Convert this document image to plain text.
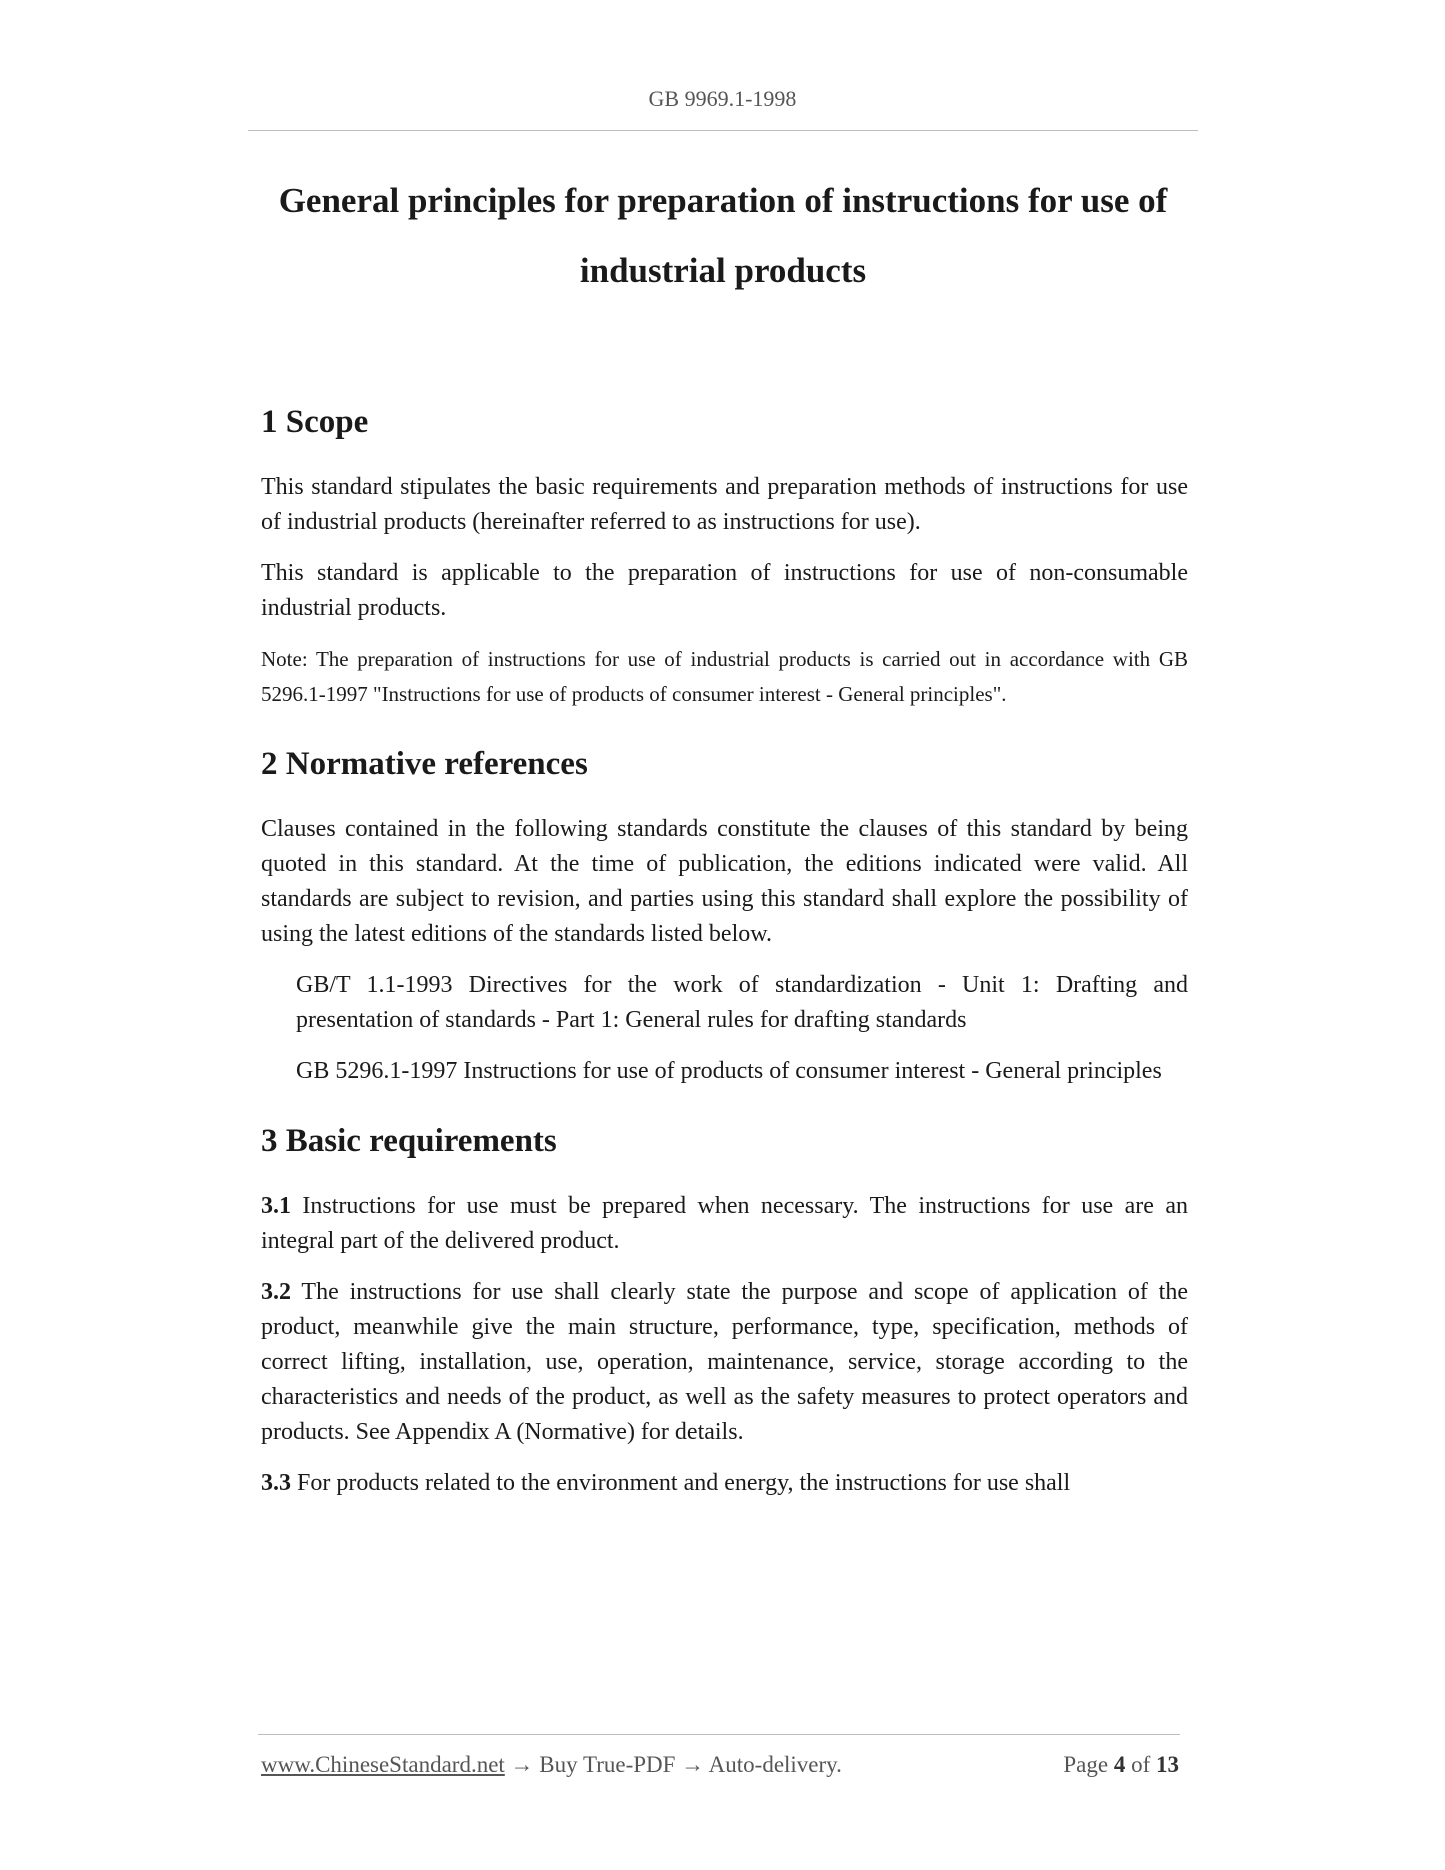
GB 9969.1-1998
General principles for preparation of instructions for use of
industrial products
1 Scope

This standard stipulates the basic requirements and preparation methods of instructions for use of industrial products (hereinafter referred to as instructions for use).

This standard is applicable to the preparation of instructions for use of non-consumable industrial products.

Note: The preparation of instructions for use of industrial products is carried out in accordance with GB 5296.1-1997 "Instructions for use of products of consumer interest - General principles".

2 Normative references

Clauses contained in the following standards constitute the clauses of this standard by being quoted in this standard. At the time of publication, the editions indicated were valid. All standards are subject to revision, and parties using this standard shall explore the possibility of using the latest editions of the standards listed below.

GB/T 1.1-1993 Directives for the work of standardization - Unit 1: Drafting and presentation of standards - Part 1: General rules for drafting standards

GB 5296.1-1997 Instructions for use of products of consumer interest - General principles

3 Basic requirements

3.1 Instructions for use must be prepared when necessary. The instructions for use are an integral part of the delivered product.

3.2 The instructions for use shall clearly state the purpose and scope of application of the product, meanwhile give the main structure, performance, type, specification, methods of correct lifting, installation, use, operation, maintenance, service, storage according to the characteristics and needs of the product, as well as the safety measures to protect operators and products. See Appendix A (Normative) for details.

3.3 For products related to the environment and energy, the instructions for use shall

www.ChineseStandard.net → Buy True-PDF → Auto-delivery.	Page 4 of 13
